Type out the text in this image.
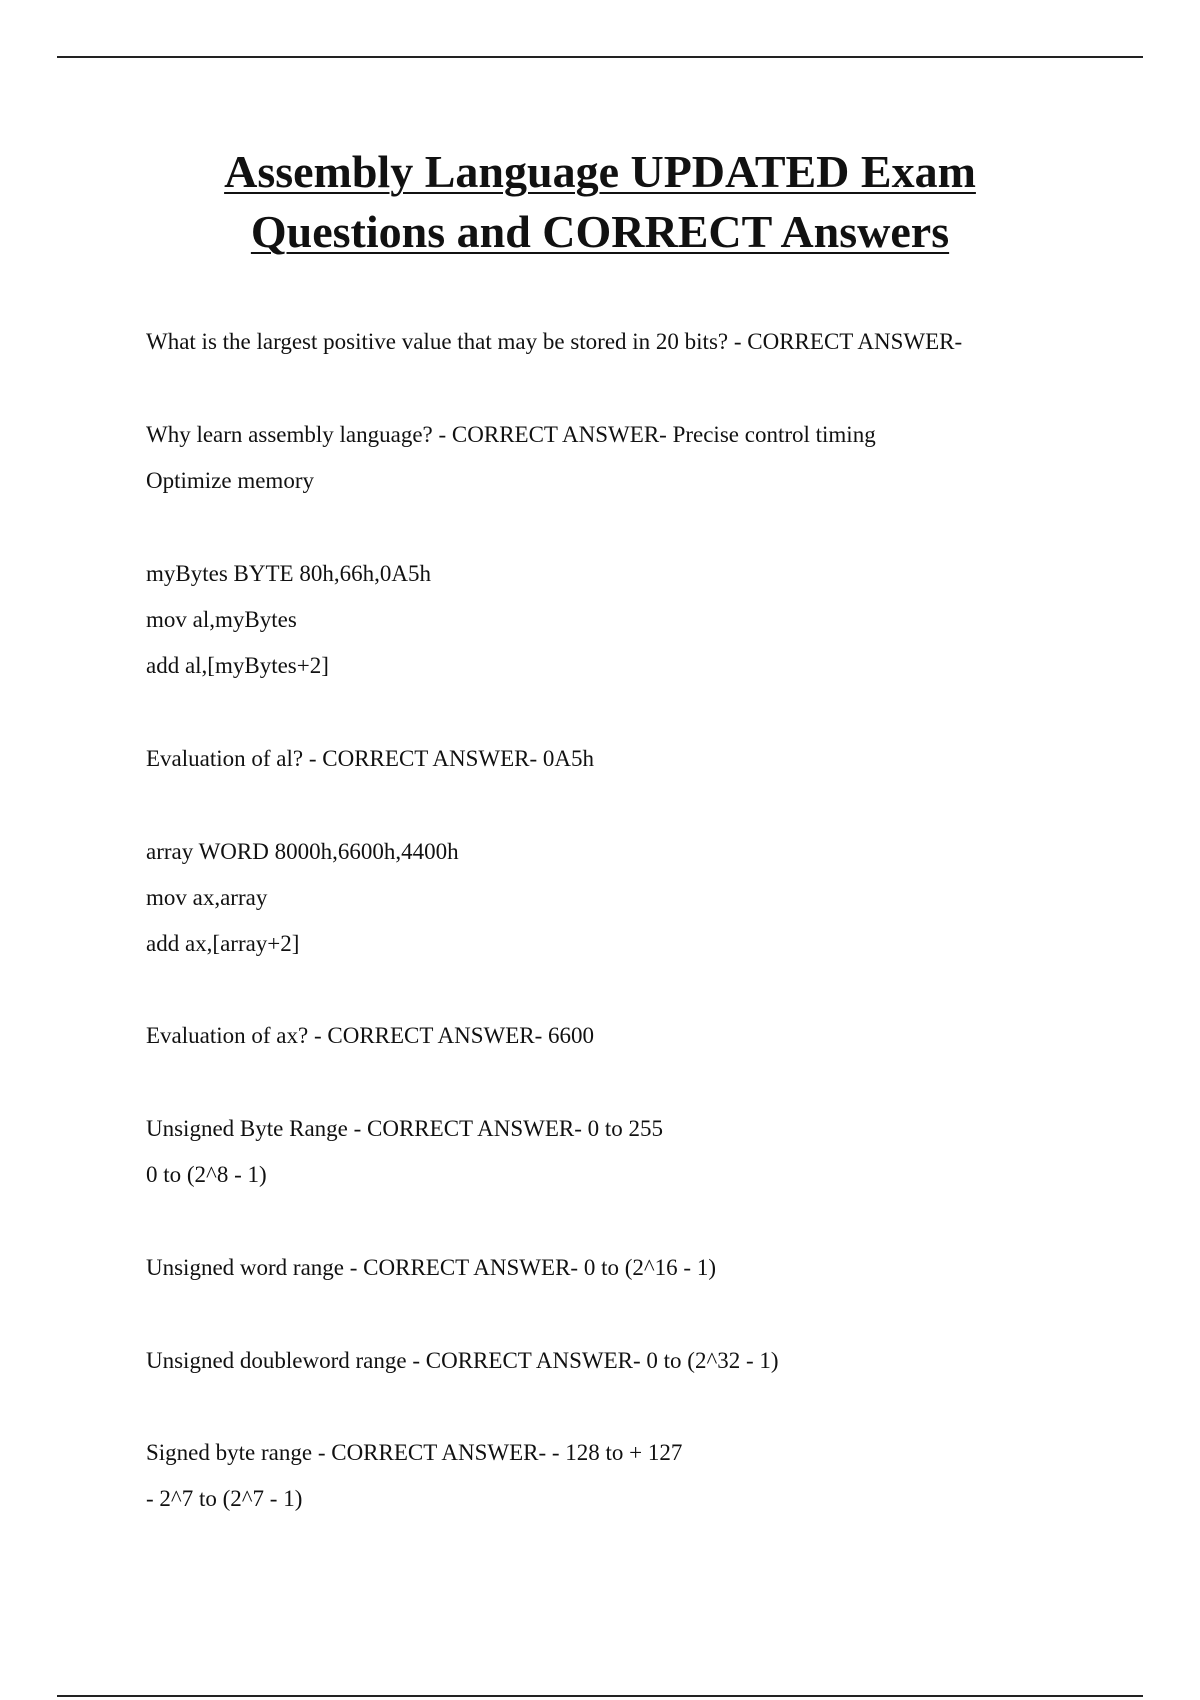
Assembly Language UPDATED Exam
Questions and CORRECT Answers
What is the largest positive value that may be stored in 20 bits? - CORRECT ANSWER-
Why learn assembly language? - CORRECT ANSWER- Precise control timing
Optimize memory
myBytes BYTE 80h,66h,0A5h
mov al,myBytes
add al,[myBytes+2]
Evaluation of al? - CORRECT ANSWER- 0A5h
array WORD 8000h,6600h,4400h
mov ax,array
add ax,[array+2]
Evaluation of ax? - CORRECT ANSWER- 6600
Unsigned Byte Range - CORRECT ANSWER- 0 to 255
0 to (2^8 - 1)
Unsigned word range - CORRECT ANSWER- 0 to (2^16 - 1)
Unsigned doubleword range - CORRECT ANSWER- 0 to (2^32 - 1)
Signed byte range - CORRECT ANSWER- - 128 to + 127
- 2^7 to (2^7 - 1)
